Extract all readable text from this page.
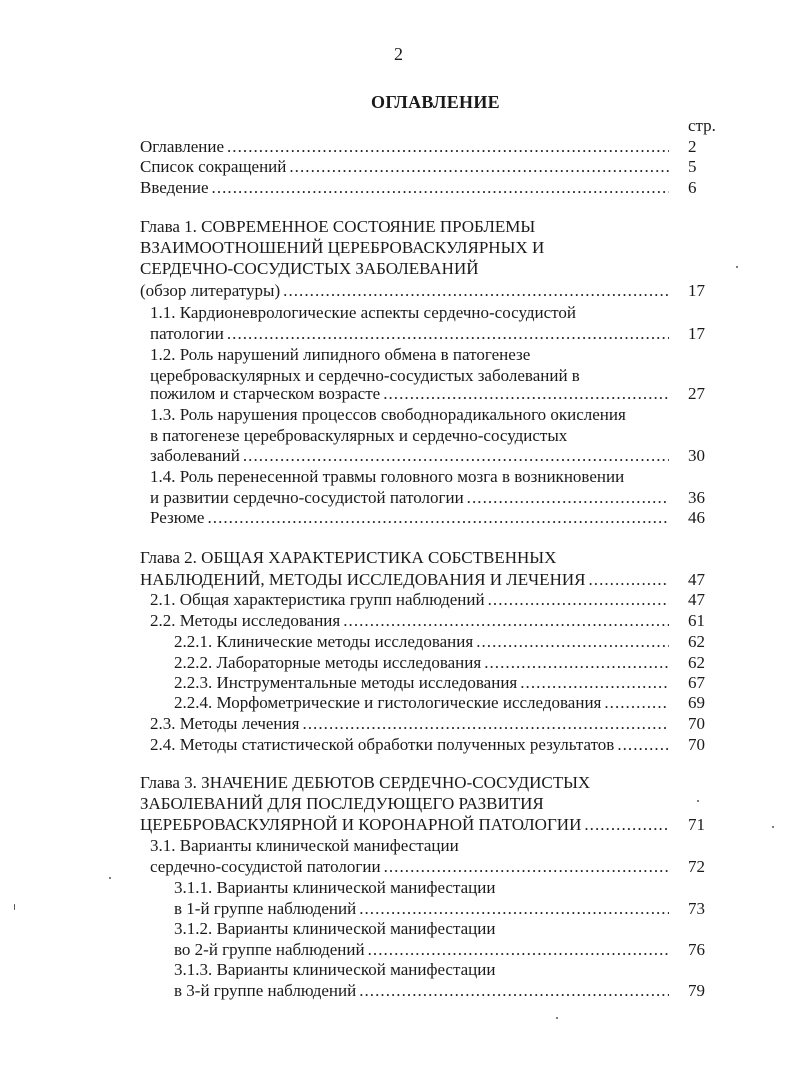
2
ОГЛАВЛЕНИЕ
стр.
2
Оглавление
. . .
5
Список сокращений
. . .
6
Введение
. . .
Глава 1. СОВРЕМЕННОЕ СОСТОЯНИЕ ПРОБЛЕМЫ
ВЗАИМООТНОШЕНИЙ ЦЕРЕБРОВАСКУЛЯРНЫХ И
СЕРДЕЧНО-СОСУДИСТЫХ ЗАБОЛЕВАНИЙ
17
(обзор литературы)
. . .
1.1. Кардионеврологические аспекты сердечно-сосудистой
17
патологии
. . .
1.2. Роль нарушений липидного обмена в патогенезе
цереброваскулярных и сердечно-сосудистых заболеваний в
27
пожилом и старческом возрасте
. . .
1.3. Роль нарушения процессов свободнорадикального окисления
в патогенезе цереброваскулярных и сердечно-сосудистых
30
заболеваний
. . .
1.4. Роль перенесенной травмы головного мозга в возникновении
36
и развитии сердечно-сосудистой патологии
. . .
46
Резюме
. . .
Глава 2. ОБЩАЯ ХАРАКТЕРИСТИКА СОБСТВЕННЫХ
47
НАБЛЮДЕНИЙ, МЕТОДЫ ИССЛЕДОВАНИЯ И ЛЕЧЕНИЯ
. . .
47
2.1. Общая характеристика групп наблюдений
. . .
61
2.2. Методы исследования
. . .
62
2.2.1. Клинические методы исследования
. . .
62
2.2.2. Лабораторные методы исследования
. . .
67
2.2.3. Инструментальные методы исследования
. . .
69
2.2.4. Морфометрические и гистологические исследования
. . .
70
2.3. Методы лечения
. . .
70
2.4. Методы статистической обработки полученных результатов
. . .
Глава 3. ЗНАЧЕНИЕ ДЕБЮТОВ СЕРДЕЧНО-СОСУДИСТЫХ
ЗАБОЛЕВАНИЙ ДЛЯ ПОСЛЕДУЮЩЕГО РАЗВИТИЯ
71
ЦЕРЕБРОВАСКУЛЯРНОЙ И КОРОНАРНОЙ ПАТОЛОГИИ
. . .
3.1. Варианты клинической манифестации
72
сердечно-сосудистой патологии
. . .
3.1.1. Варианты клинической манифестации
73
в 1-й группе наблюдений
. . .
3.1.2. Варианты клинической манифестации
76
во 2-й группе наблюдений
. . .
3.1.3. Варианты клинической манифестации
79
в 3-й группе наблюдений
. . .
